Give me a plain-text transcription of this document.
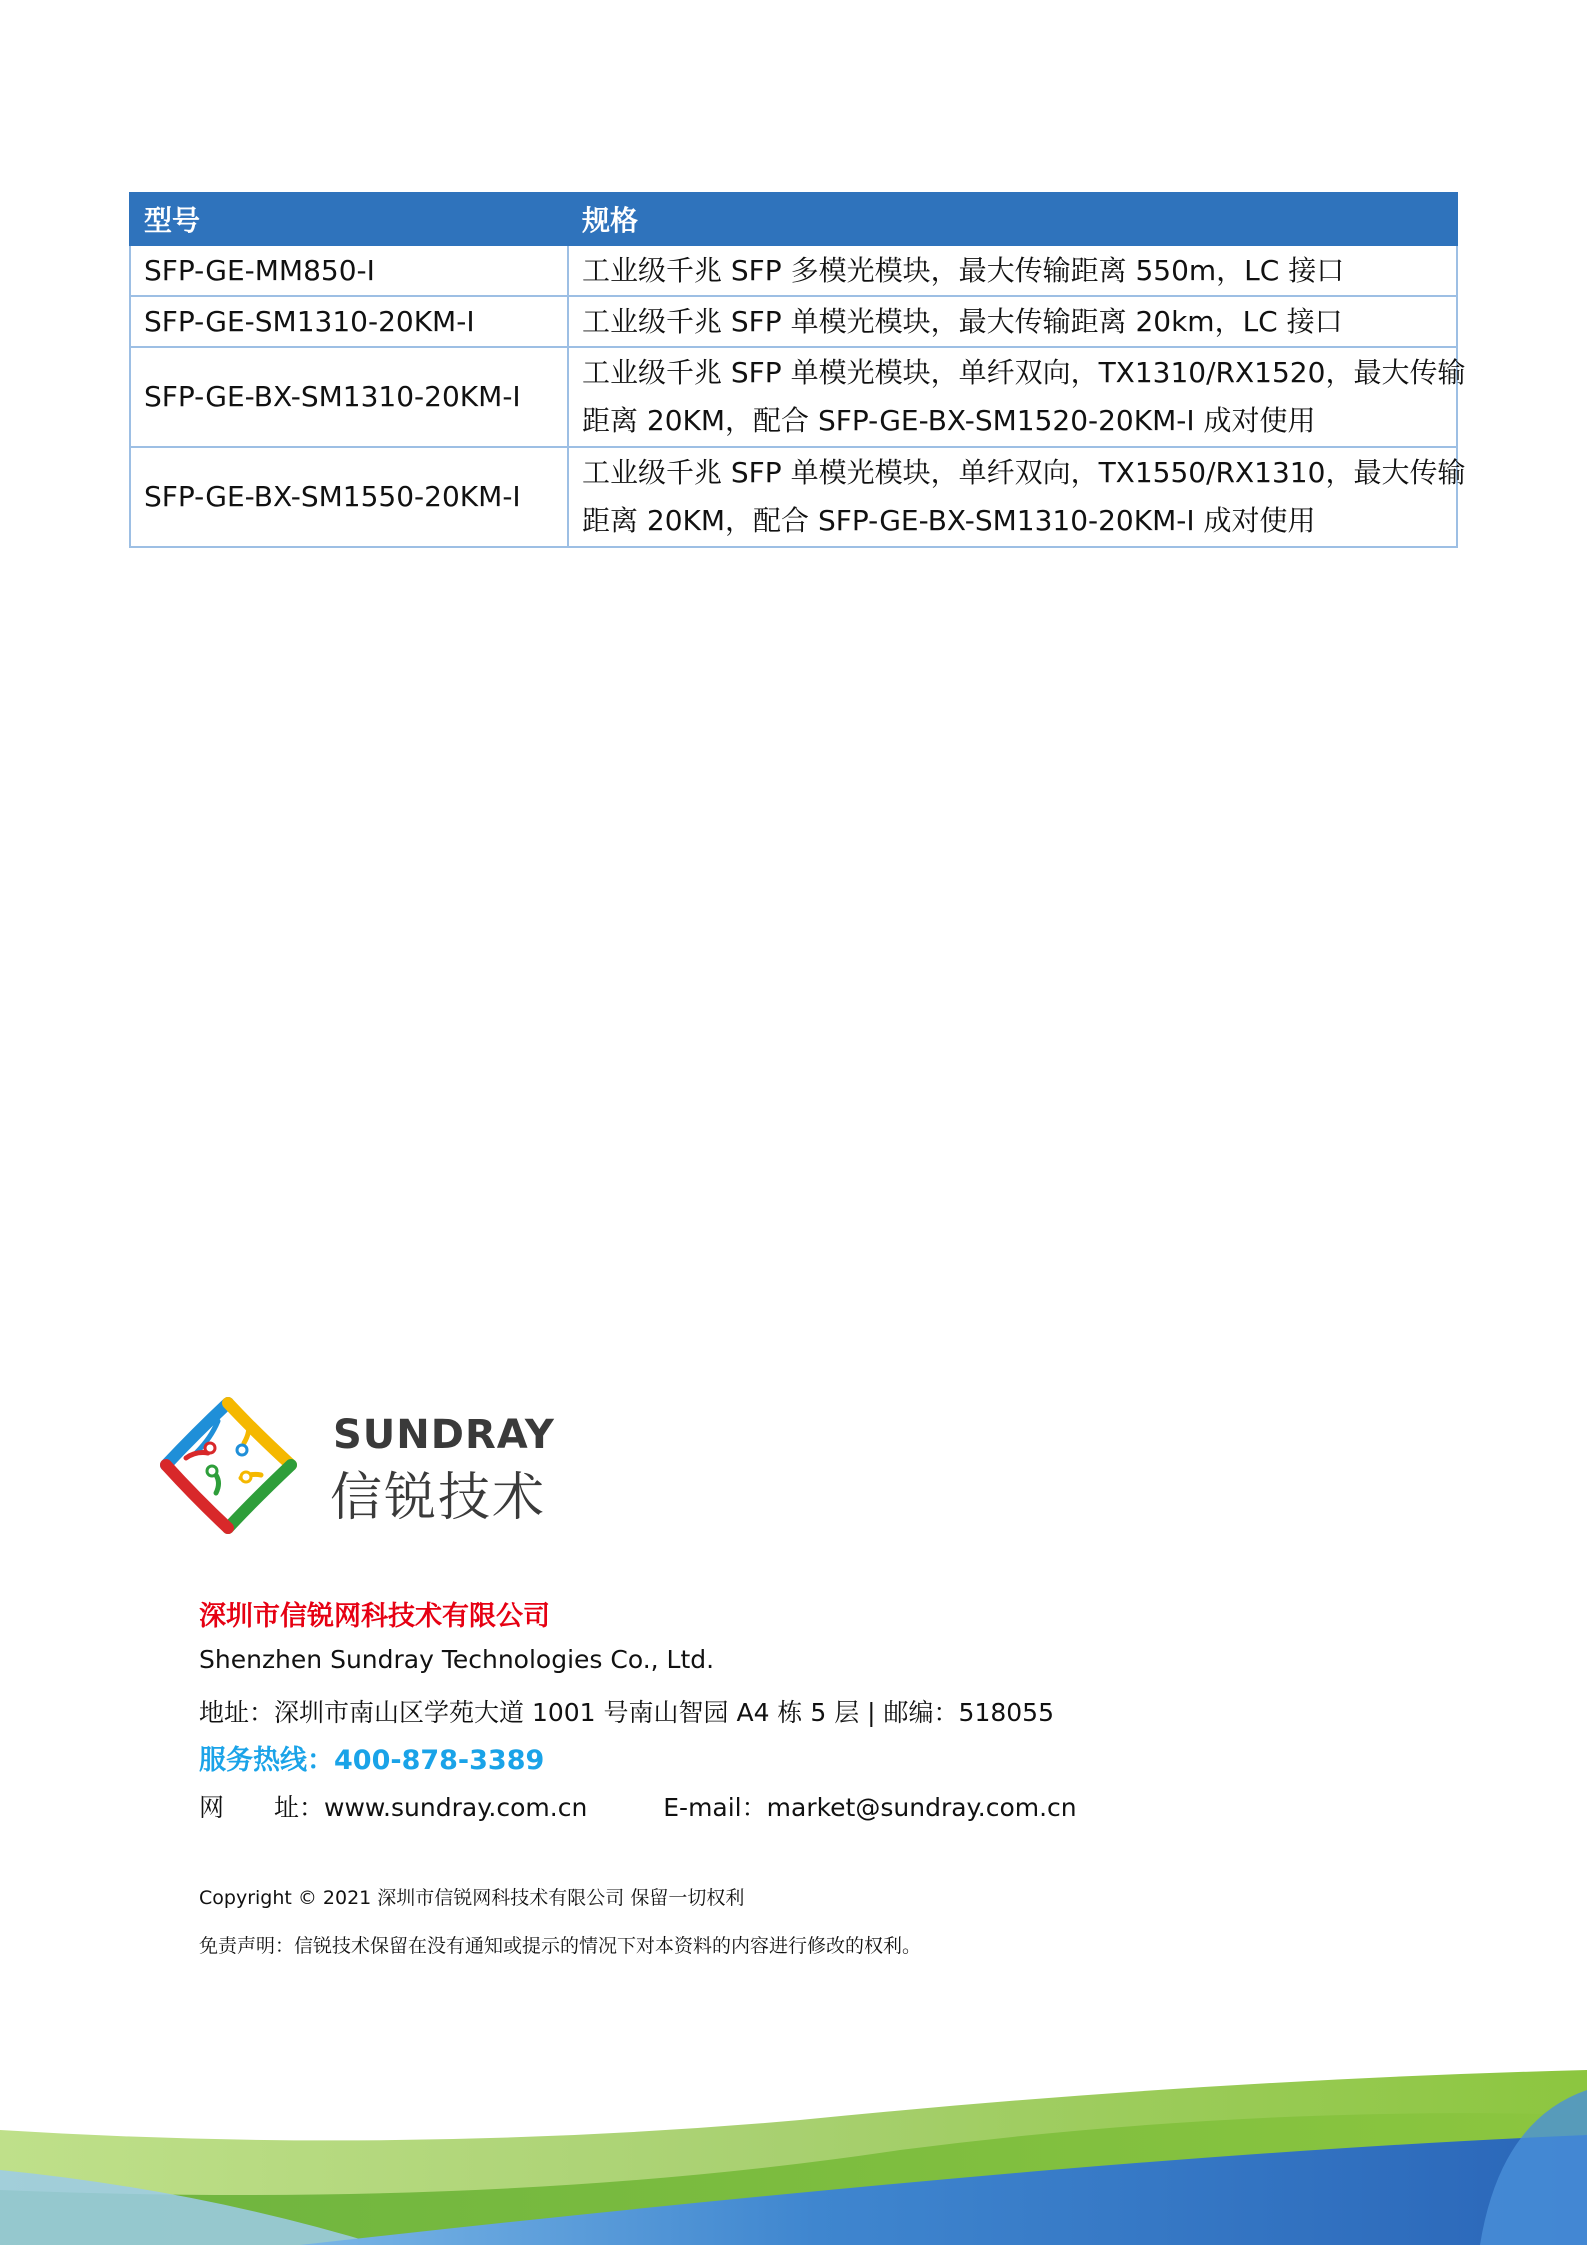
型号	规格
SFP-GE-MM850-I	工业级千兆 SFP 多模光模块，最大传输距离 550m，LC 接口

SFP-GE-SM1310-20KM-I	工业级千兆 SFP 单模光模块，最大传输距离 20km，LC 接口

SFP-GE-BX-SM1310-20KM-I	工业级千兆 SFP 单模光模块，单纤双向，TX1310/RX1520，最大传输
距离 20KM，配合 SFP-GE-BX-SM1520-20KM-I 成对使用

SFP-GE-BX-SM1550-20KM-I	工业级千兆 SFP 单模光模块，单纤双向，TX1550/RX1310，最大传输
距离 20KM，配合 SFP-GE-BX-SM1310-20KM-I 成对使用
SUNDRAY
信锐技术
深圳市信锐网科技术有限公司
Shenzhen Sundray Technologies Co., Ltd.
地址：深圳市南山区学苑大道 1001 号南山智园 A4 栋 5 层 | 邮编：518055
服务热线：400-878-3389
网　　址：www.sundray.com.cn	E-mail：market@sundray.com.cn
Copyright © 2021 深圳市信锐网科技术有限公司 保留一切权利
免责声明：信锐技术保留在没有通知或提示的情况下对本资料的内容进行修改的权利。
